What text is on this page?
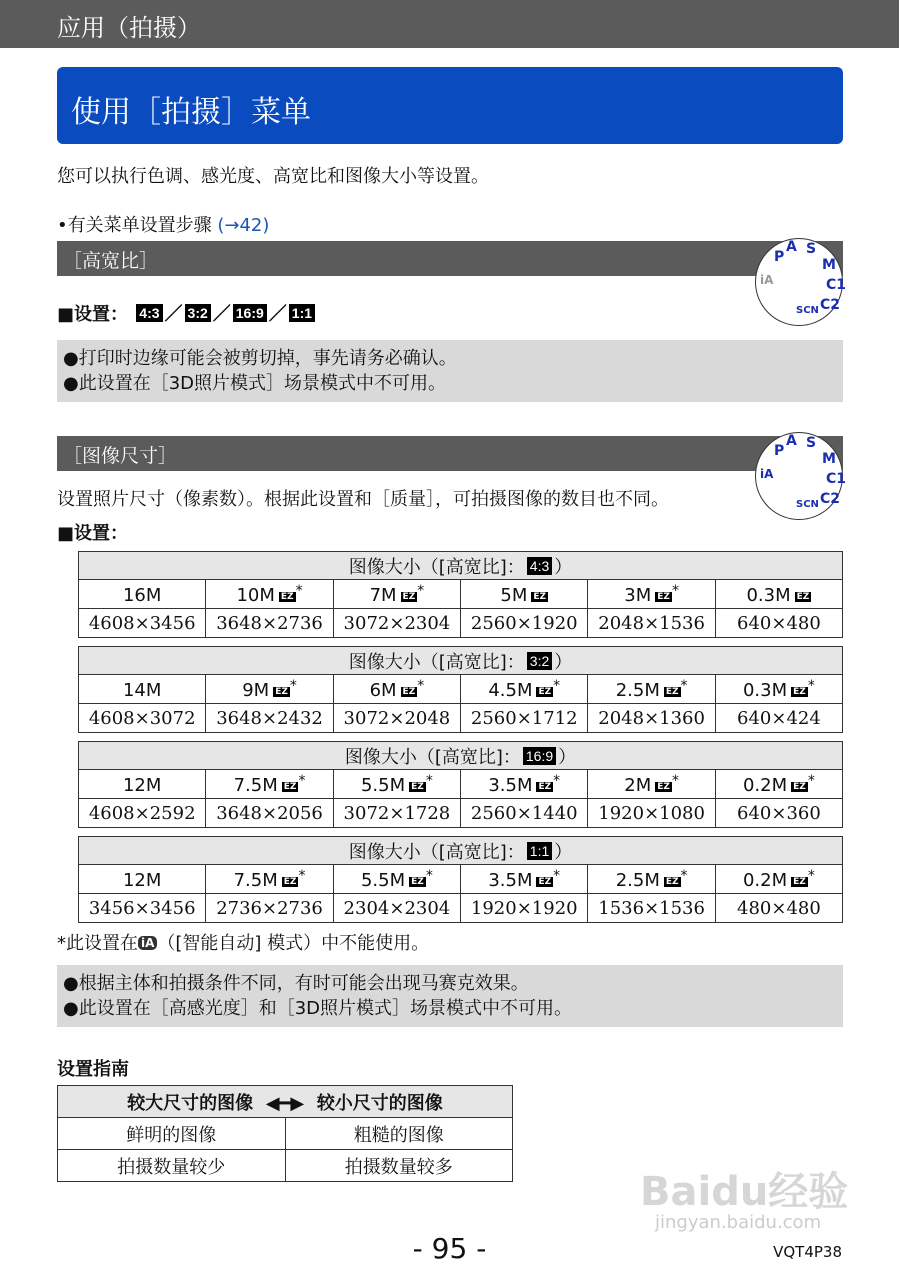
应用（拍摄）
使用［拍摄］菜单
您可以执行色调、感光度、高宽比和图像大小等设置。
•有关菜单设置步骤 (→42)
［高宽比］
■设置： 4:3 ／ 3:2 ／ 16:9 ／ 1:1
●打印时边缘可能会被剪切掉，事先请务必确认。
●此设置在［3D照片模式］场景模式中不可用。
［图像尺寸］
P
A S
M
C1
C2
SCN
iA
P
A S
M
C1
C2
SCN
iA
设置照片尺寸（像素数）。根据此设置和［质量］，可拍摄图像的数目也不同。
■设置：
图像大小（[高宽比]： 4:3 ）					
16M	10M EZ *	7M EZ *	5M EZ	3M EZ *	0.3M EZ
4608×3456	3648×2736	3072×2304	2560×1920	2048×1536	640×480
图像大小（[高宽比]： 3:2 ）					
14M	9M EZ *	6M EZ *	4.5M EZ *	2.5M EZ *	0.3M EZ *
4608×3072	3648×2432	3072×2048	2560×1712	2048×1360	640×424
图像大小（[高宽比]： 16:9 ）					
12M	7.5M EZ *	5.5M EZ *	3.5M EZ *	2M EZ *	0.2M EZ *
4608×2592	3648×2056	3072×1728	2560×1440	1920×1080	640×360
图像大小（[高宽比]： 1:1 ）					
12M	7.5M EZ *	5.5M EZ *	3.5M EZ *	2.5M EZ *	0.2M EZ *
3456×3456	2736×2736	2304×2304	1920×1920	1536×1536	480×480
*此设置在 iA （[智能自动] 模式）中不能使用。
●根据主体和拍摄条件不同，有时可能会出现马赛克效果。
●此设置在［高感光度］和［3D照片模式］场景模式中不可用。
设置指南
较大尺寸的图像 ◀━▶ 较小尺寸的图像	
鲜明的图像	粗糙的图像
拍摄数量较少	拍摄数量较多
Baidu经验
jingyan.baidu.com
- 95 -	VQT4P38
